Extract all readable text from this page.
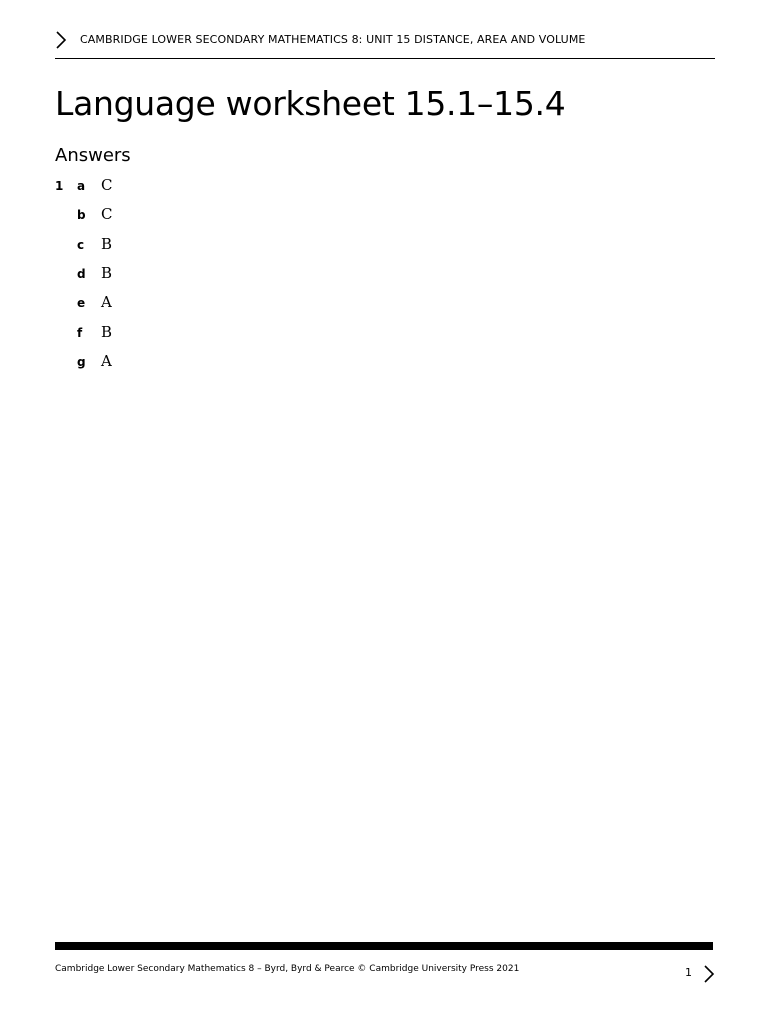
CAMBRIDGE LOWER SECONDARY MATHEMATICS 8: UNIT 15 DISTANCE, AREA AND VOLUME
Language worksheet 15.1–15.4
Answers
1 a	C
b	C
c	B
d	B
e	A
f	B
g	A
Cambridge Lower Secondary Mathematics 8 – Byrd, Byrd & Pearce © Cambridge University Press 2021	1
